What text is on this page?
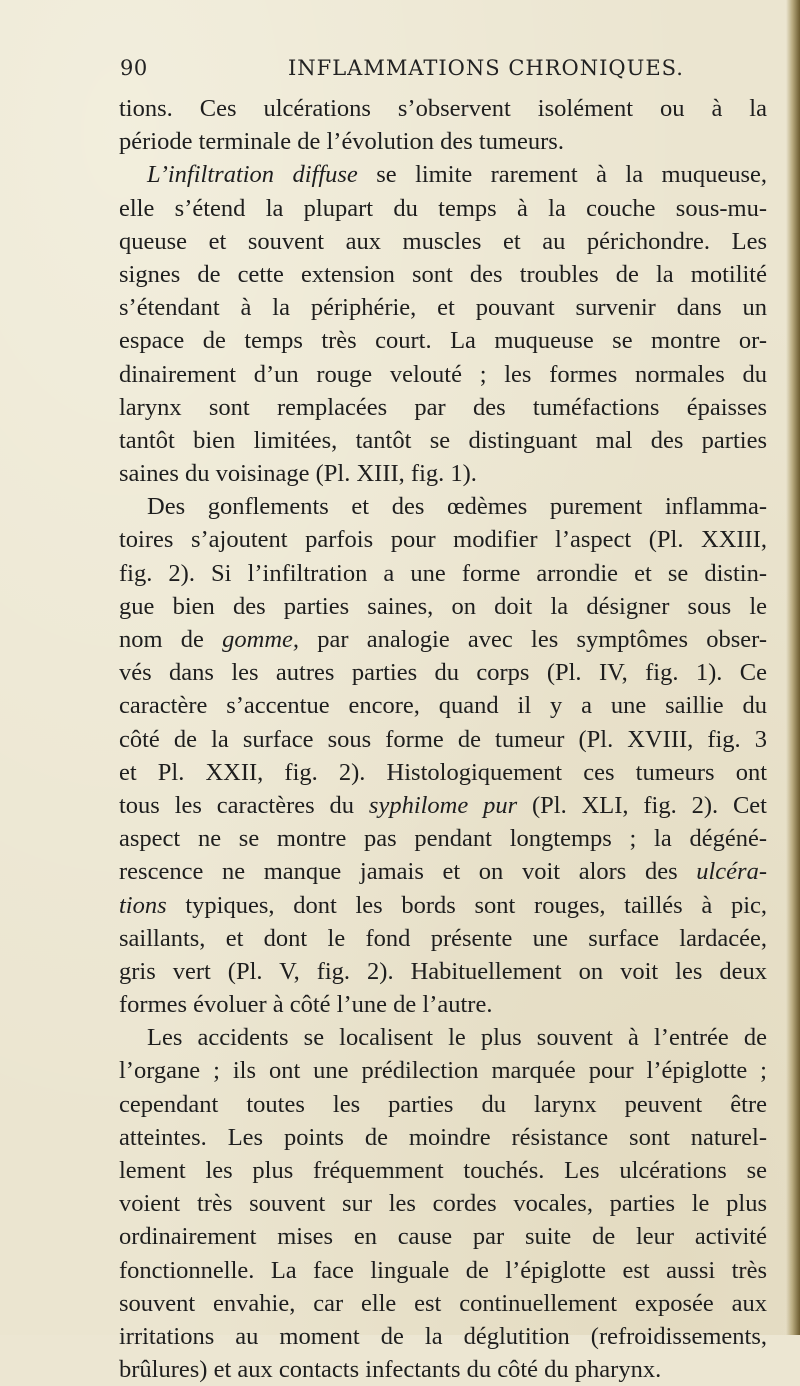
90	INFLAMMATIONS CHRONIQUES.
tions. Ces ulcérations s’observent isolément ou à la
période terminale de l’évolution des tumeurs.
L’infiltration diffuse se limite rarement à la muqueuse,
elle s’étend la plupart du temps à la couche sous-mu-
queuse et souvent aux muscles et au périchondre. Les
signes de cette extension sont des troubles de la motilité
s’étendant à la périphérie, et pouvant survenir dans un
espace de temps très court. La muqueuse se montre or-
dinairement d’un rouge velouté ; les formes normales du
larynx sont remplacées par des tuméfactions épaisses
tantôt bien limitées, tantôt se distinguant mal des parties
saines du voisinage (Pl. XIII, fig. 1).
Des gonflements et des œdèmes purement inflamma-
toires s’ajoutent parfois pour modifier l’aspect (Pl. XXIII,
fig. 2). Si l’infiltration a une forme arrondie et se distin-
gue bien des parties saines, on doit la désigner sous le
nom de gomme, par analogie avec les symptômes obser-
vés dans les autres parties du corps (Pl. IV, fig. 1). Ce
caractère s’accentue encore, quand il y a une saillie du
côté de la surface sous forme de tumeur (Pl. XVIII, fig. 3
et Pl. XXII, fig. 2). Histologiquement ces tumeurs ont
tous les caractères du syphilome pur (Pl. XLI, fig. 2). Cet
aspect ne se montre pas pendant longtemps ; la dégéné-
rescence ne manque jamais et on voit alors des ulcéra-
tions typiques, dont les bords sont rouges, taillés à pic,
saillants, et dont le fond présente une surface lardacée,
gris vert (Pl. V, fig. 2). Habituellement on voit les deux
formes évoluer à côté l’une de l’autre.
Les accidents se localisent le plus souvent à l’entrée de
l’organe ; ils ont une prédilection marquée pour l’épiglotte ;
cependant toutes les parties du larynx peuvent être
atteintes. Les points de moindre résistance sont naturel-
lement les plus fréquemment touchés. Les ulcérations se
voient très souvent sur les cordes vocales, parties le plus
ordinairement mises en cause par suite de leur activité
fonctionnelle. La face linguale de l’épiglotte est aussi très
souvent envahie, car elle est continuellement exposée aux
irritations au moment de la déglutition (refroidissements,
brûlures) et aux contacts infectants du côté du pharynx.
